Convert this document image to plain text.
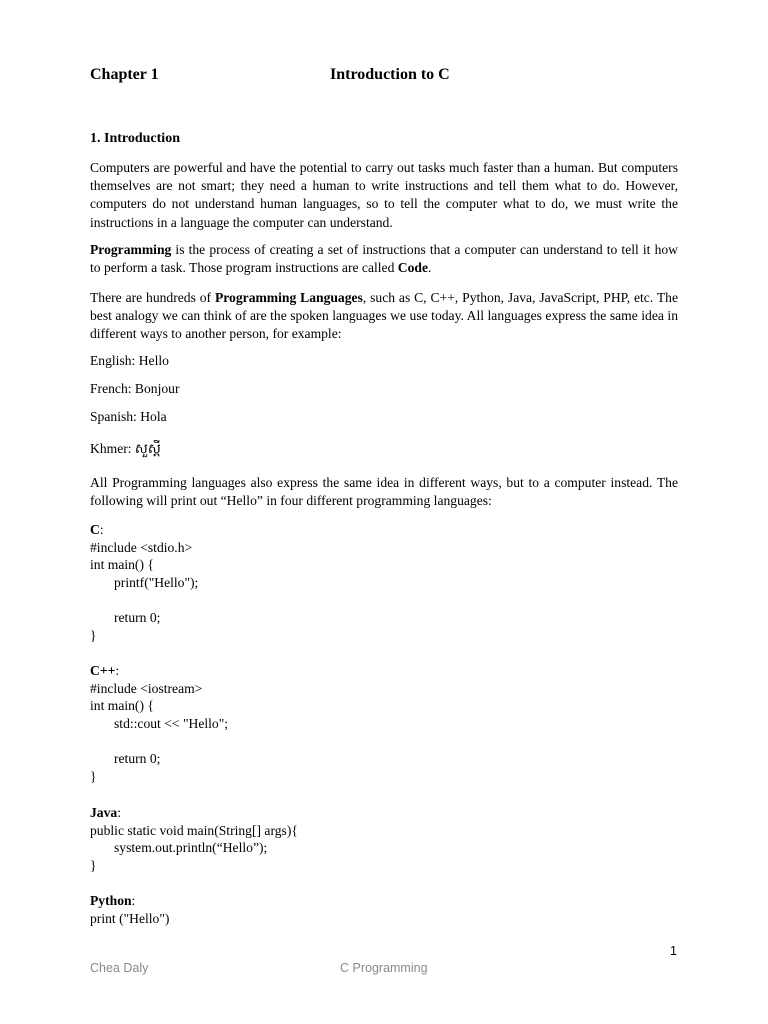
Chapter 1	Introduction to C
1. Introduction
Computers are powerful and have the potential to carry out tasks much faster than a human. But computers themselves are not smart; they need a human to write instructions and tell them what to do. However, computers do not understand human languages, so to tell the computer what to do, we must write the instructions in a language the computer can understand.
Programming is the process of creating a set of instructions that a computer can understand to tell it how to perform a task. Those program instructions are called Code.
There are hundreds of Programming Languages, such as C, C++, Python, Java, JavaScript, PHP, etc. The best analogy we can think of are the spoken languages we use today. All languages express the same idea in different ways to another person, for example:
English: Hello
French: Bonjour
Spanish: Hola
Khmer: សួស្តី
All Programming languages also express the same idea in different ways, but to a computer instead. The following will print out “Hello” in four different programming languages:
C:
#include <stdio.h>
int main() {
printf("Hello");
return 0;
}
C++:
#include <iostream>
int main() {
std::cout << "Hello";
return 0;
}
Java:
public static void main(String[] args){
system.out.println(“Hello”);
}
Python:
print ("Hello")
1
Chea Daly	C Programming
